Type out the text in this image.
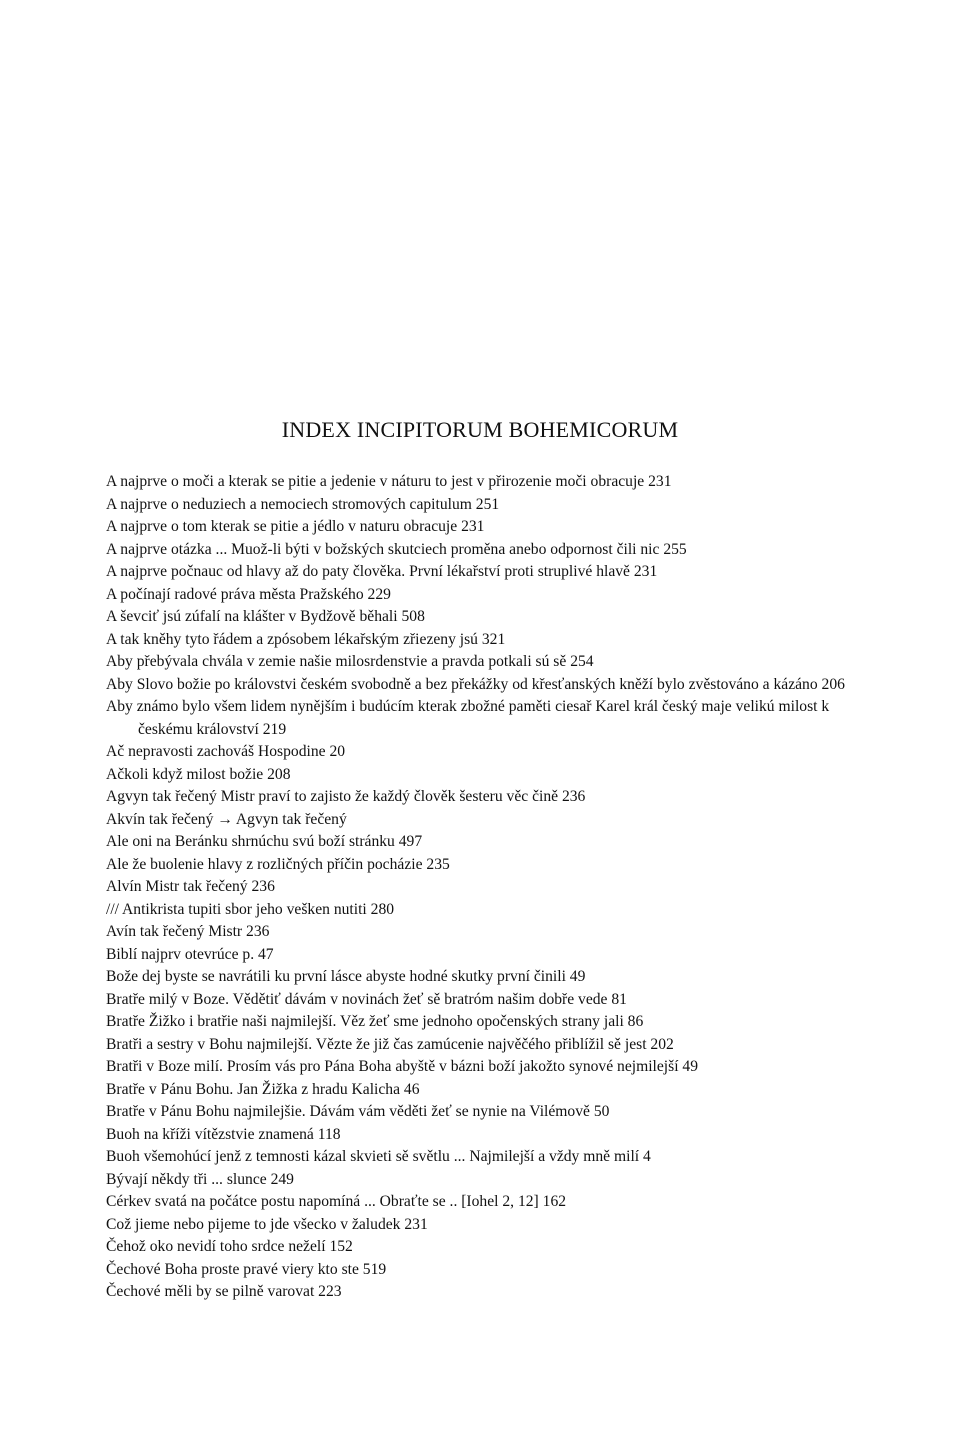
INDEX INCIPITORUM BOHEMICORUM
A najprve o moči a kterak se pitie a jedenie v náturu to jest v přirozenie moči obracuje 231
A najprve o neduziech a nemociech stromových capitulum 251
A najprve o tom kterak se pitie a jédlo v naturu obracuje 231
A najprve otázka ... Muož-li býti v božských skutciech proměna anebo odpornost čili nic 255
A najprve počnauc od hlavy až do paty člověka. První lékařství proti struplivé hlavě 231
A počínají radové práva města Pražského 229
A ševciť jsú zúfalí na klášter v Bydžově běhali 508
A tak kněhy tyto řádem a zpósobem lékařským zřiezeny jsú 321
Aby přebývala chvála v zemie našie milosrdenstvie a pravda potkali sú sě 254
Aby Slovo božie po královstvi českém svobodně a bez překážky od křesťanských kněží bylo zvěstováno a kázáno 206
Aby známo bylo všem lidem nynějším i budúcím kterak zbožné paměti ciesař Karel král český maje velikú milost k českému království 219
Ač nepravosti zachováš Hospodine 20
Ačkoli když milost božie 208
Agvyn tak řečený Mistr praví to zajisto že každý člověk šesteru věc čině 236
Akvín tak řečený → Agvyn tak řečený
Ale oni na Beránku shrnúchu svú boží stránku 497
Ale že buolenie hlavy z rozličných příčin pocházie 235
Alvín Mistr tak řečený 236
/// Antikrista tupiti sbor jeho vešken nutiti 280
Avín tak řečený Mistr 236
Biblí najprv otevrúce p. 47
Bože dej byste se navrátili ku první lásce abyste hodné skutky první činili 49
Bratře milý v Boze. Vědětiť dávám v novinách žeť sě bratróm našim dobře vede 81
Bratře Žižko i bratřie naši najmilejší. Věz žeť sme jednoho opočenských strany jali 86
Bratři a sestry v Bohu najmilejší. Vězte že již čas zamúcenie najvěčého přiblížil sě jest 202
Bratři v Boze milí. Prosím vás pro Pána Boha abyště v bázni boží jakožto synové nejmilejší 49
Bratře v Pánu Bohu. Jan Žižka z hradu Kalicha 46
Bratře v Pánu Bohu najmilejšie. Dávám vám věděti žeť se nynie na Vilémově 50
Buoh na kříži vítězstvie znamená 118
Buoh všemohúcí jenž z temnosti kázal skvieti sě světlu ... Najmilejší a vždy mně milí 4
Bývají někdy tři ... slunce 249
Cérkev svatá na počátce postu napomíná ... Obraťte se .. [Iohel 2, 12] 162
Což jieme nebo pijeme to jde všecko v žaludek 231
Čehož oko nevidí toho srdce neželí 152
Čechové Boha proste pravé viery kto ste 519
Čechové měli by se pilně varovat 223
